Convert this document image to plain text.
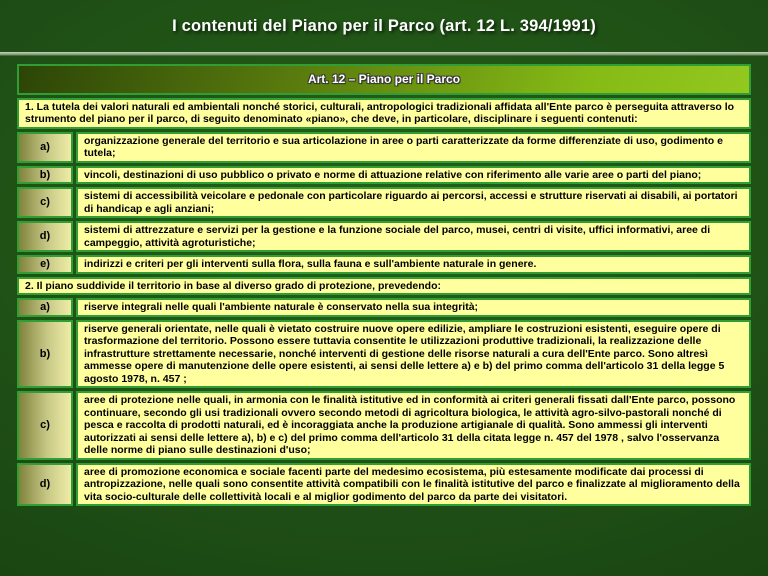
I contenuti del Piano per il Parco (art. 12 L. 394/1991)
Art. 12 – Piano per il Parco	
1. La tutela dei valori naturali ed ambientali nonché storici, culturali, antropologici tradizionali affidata all'Ente parco è perseguita attraverso lo strumento del piano per il parco, di seguito denominato «piano», che deve, in particolare, disciplinare i seguenti contenuti:	
a)	organizzazione generale del territorio e sua articolazione in aree o parti caratterizzate da forme differenziate di uso, godimento e tutela;
b)	vincoli, destinazioni di uso pubblico o privato e norme di attuazione relative con riferimento alle varie aree o parti del piano;
c)	sistemi di accessibilità veicolare e pedonale con particolare riguardo ai percorsi, accessi e strutture riservati ai disabili, ai portatori di handicap e agli anziani;
d)	sistemi di attrezzature e servizi per la gestione e la funzione sociale del parco, musei, centri di visite, uffici informativi, aree di campeggio, attività agroturistiche;
e)	indirizzi e criteri per gli interventi sulla flora, sulla fauna e sull'ambiente naturale in genere.
2. Il piano suddivide il territorio in base al diverso grado di protezione, prevedendo:	
a)	riserve integrali nelle quali l'ambiente naturale è conservato nella sua integrità;
b)	riserve generali orientate, nelle quali è vietato costruire nuove opere edilizie, ampliare le costruzioni esistenti, eseguire opere di trasformazione del territorio. Possono essere tuttavia consentite le utilizzazioni produttive tradizionali, la realizzazione delle infrastrutture strettamente necessarie, nonché interventi di gestione delle risorse naturali a cura dell'Ente parco. Sono altresì ammesse opere di manutenzione delle opere esistenti, ai sensi delle lettere a) e b) del primo comma dell'articolo 31 della legge 5 agosto 1978, n. 457 ;
c)	aree di protezione nelle quali, in armonia con le finalità istitutive ed in conformità ai criteri generali fissati dall'Ente parco, possono continuare, secondo gli usi tradizionali ovvero secondo metodi di agricoltura biologica, le attività agro-silvo-pastorali nonché di pesca e raccolta di prodotti naturali, ed è incoraggiata anche la produzione artigianale di qualità. Sono ammessi gli interventi autorizzati ai sensi delle lettere a), b) e c) del primo comma dell'articolo 31 della citata legge n. 457 del 1978 , salvo l'osservanza delle norme di piano sulle destinazioni d'uso;
d)	aree di promozione economica e sociale facenti parte del medesimo ecosistema, più estesamente modificate dai processi di antropizzazione, nelle quali sono consentite attività compatibili con le finalità istitutive del parco e finalizzate al miglioramento della vita socio-culturale delle collettività locali e al miglior godimento del parco da parte dei visitatori.
